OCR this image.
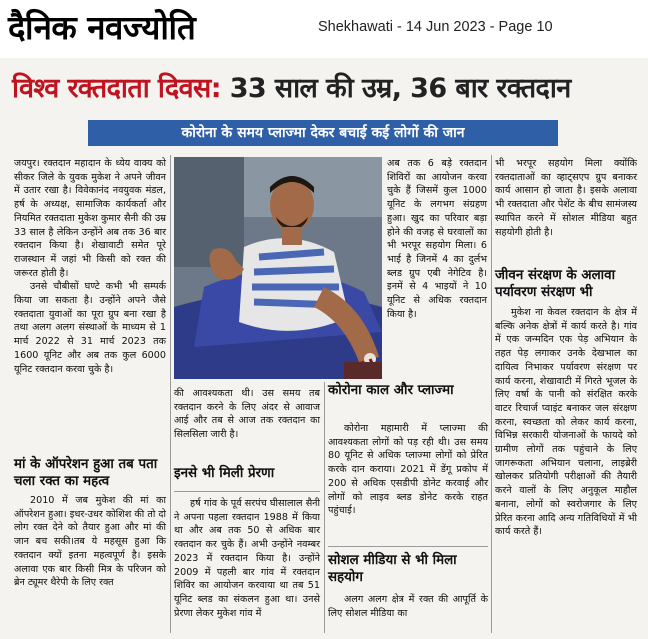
दैनिक नवज्योति	Shekhawati - 14 Jun 2023 - Page 10
विश्व रक्तदाता दिवस: 33 साल की उम्र, 36 बार रक्तदान
कोरोना के समय प्लाज्मा देकर बचाई कई लोगों की जान

जयपुर। रक्तदान महादान के ध्येय वाक्य को सीकर जिले के युवक मुकेश ने अपने जीवन में उतार रखा है। विवेकानंद नवयुवक मंडल, हर्ष के अध्यक्ष, सामाजिक कार्यकर्ता और नियमित रक्तदाता मुकेश कुमार सैनी की उम्र 33 साल है लेकिन उन्होंने अब तक 36 बार रक्तदान किया है। शेखावाटी समेत पूरे राजस्थान में जहां भी किसी को रक्त की जरूरत होती है।

उनसे चौबीसों घण्टे कभी भी सम्पर्क किया जा सकता है। उन्होंने अपने जैसे रक्तदाता युवाओं का पूरा ग्रुप बना रखा है तथा अलग अलग संस्थाओं के माध्यम से 1 मार्च 2022 से 31 मार्च 2023 तक 1600 यूनिट और अब तक कुल 6000 यूनिट रक्तदान करवा चुके है।

मां के ऑपरेशन हुआ तब पता चला रक्त का महत्व

2010 में जब मुकेश की मां का ऑपरेशन हुआ। इधर-उधर कोशिश की तो दो लोग रक्त देने को तैयार हुआ और मां की जान बच सकी।तब ये महसूस हुआ कि रक्तदान क्यों इतना महत्वपूर्ण है। इसके अलावा एक बार किसी मित्र के परिजन को ब्रेन ट्यूमर थैरेपी के लिए रक्त

की आवश्यकता थी। उस समय तब रक्तदान करने के लिए अंदर से आवाज आई और तब से आज तक रक्तदान का सिलसिला जारी है।

इनसे भी मिली प्रेरणा

हर्ष गांव के पूर्व सरपंच घीसालाल सैनी ने अपना पहला रक्तदान 1988 में किया था और अब तक 50 से अधिक बार रक्तदान कर चुके हैं। अभी उन्होंने नवम्बर 2023 में रक्तदान किया है। उन्होंने 2009 में पहली बार गांव में रक्तदान शिविर का आयोजन करवाया था तब 51 यूनिट ब्लड का संकलन हुआ था। उनसे प्रेरणा लेकर मुकेश गांव में

अब तक 6 बड़े रक्तदान शिविरों का आयोजन करवा चुके हैं जिसमें कुल 1000 यूनिट के लगभग संग्रहण हुआ। खुद का परिवार बड़ा होने की वजह से घरवालों का भी भरपूर सहयोग मिला। 6 भाई है जिनमें 4 का दुर्लभ ब्लड ग्रुप एबी नेगेटिव है। इनमें से 4 भाइयों ने 10 यूनिट से अधिक रक्तदान किया है।

कोरोना काल और प्लाज्मा

कोरोना महामारी में प्लाज्मा की आवश्यकता लोगों को पड़ रही थी। उस समय 80 यूनिट से अधिक प्लाज्मा लोगों को प्रेरित करके दान कराया। 2021 में डेंगू प्रकोप में 200 से अधिक एसडीपी डोनेट करवाई और लोगों को लाइव ब्लड डोनेट करके राहत पहुंचाई।

सोशल मीडिया से भी मिला सहयोग

अलग अलग क्षेत्र में रक्त की आपूर्ति के लिए सोशल मीडिया का

भी भरपूर सहयोग मिला क्योंकि रक्तदाताओं का व्हाट्सएप ग्रुप बनाकर कार्य आसान हो जाता है। इसके अलावा भी रक्तदाता और पेशेंट के बीच सामंजस्य स्थापित करने में सोशल मीडिया बहुत सहयोगी होती है।

जीवन संरक्षण के अलावा पर्यावरण संरक्षण भी

मुकेश ना केवल रक्तदान के क्षेत्र में बल्कि अनेक क्षेत्रों में कार्य करते है। गांव में एक जन्मदिन एक पेड़ अभियान के तहत पेड़ लगाकर उनके देखभाल का दायित्व निभाकर पर्यावरण संरक्षण पर कार्य करना, शेखावाटी में गिरते भूजल के लिए वर्षा के पानी को संरक्षित करके वाटर रिचार्ज प्वाइंट बनाकर जल संरक्षण करना, स्वच्छता को लेकर कार्य करना, विभिन्न सरकारी योजनाओं के फायदे को ग्रामीण लोगों तक पहुंचाने के लिए जागरूकता अभियान चलाना, लाइब्रेरी खोलकर प्रतियोगी परीक्षाओं की तैयारी करने वालों के लिए अनुकूल माहौल बनाना, लोगों को स्वरोजगार के लिए प्रेरित करना आदि अन्य गतिविधियों में भी कार्य करते हैं।
